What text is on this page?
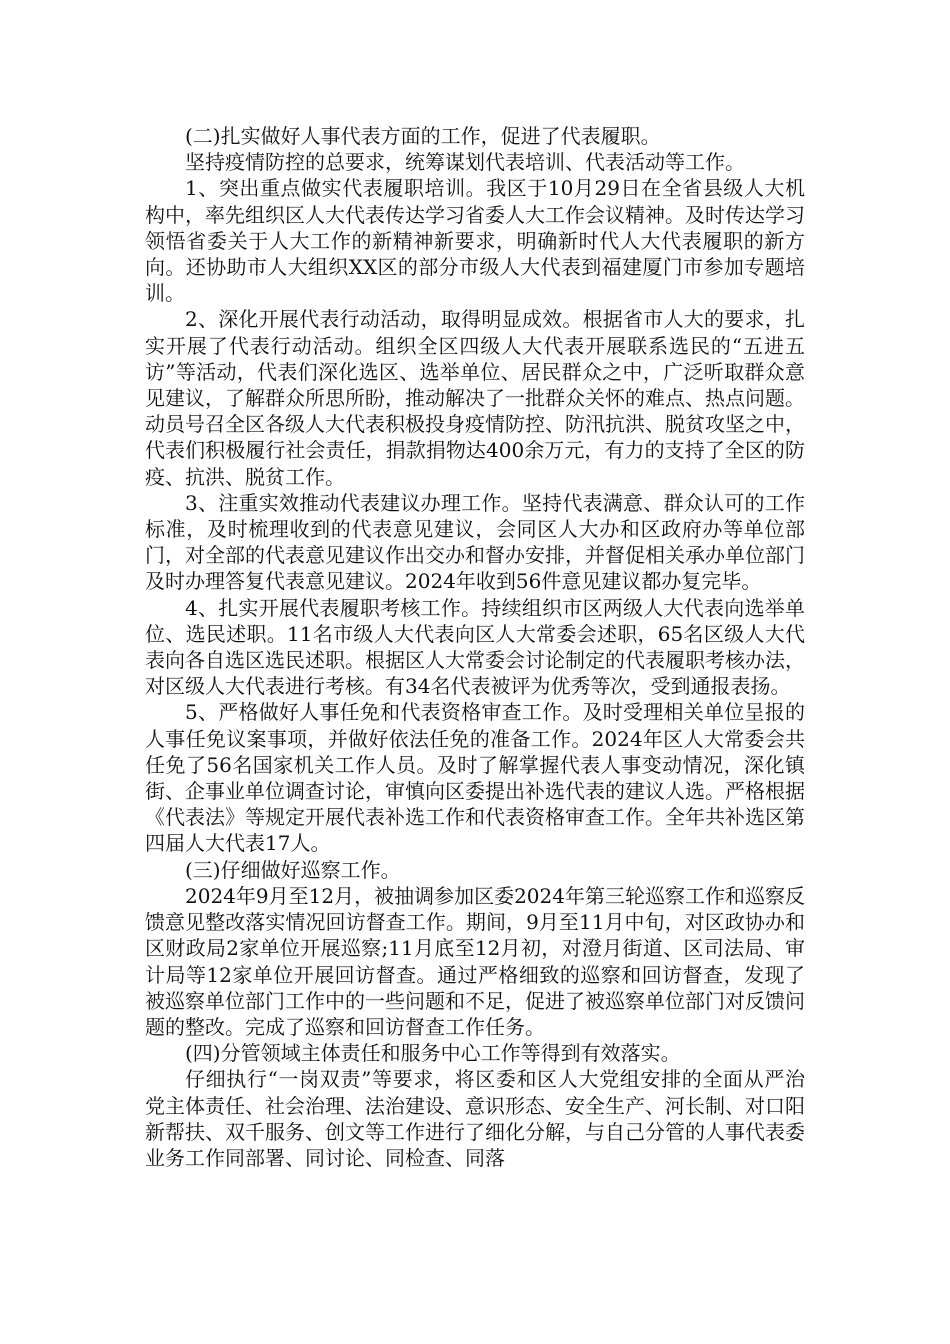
(二)扎实做好人事代表方面的工作，促进了代表履职。

坚持疫情防控的总要求，统筹谋划代表培训、代表活动等工作。

1、突出重点做实代表履职培训。我区于10月29日在全省县级人大机构中，率先组织区人大代表传达学习省委人大工作会议精神。及时传达学习领悟省委关于人大工作的新精神新要求，明确新时代人大代表履职的新方向。还协助市人大组织XX区的部分市级人大代表到福建厦门市参加专题培训。

2、深化开展代表行动活动，取得明显成效。根据省市人大的要求，扎实开展了代表行动活动。组织全区四级人大代表开展联系选民的“五进五访”等活动，代表们深化选区、选举单位、居民群众之中，广泛听取群众意见建议，了解群众所思所盼，推动解决了一批群众关怀的难点、热点问题。动员号召全区各级人大代表积极投身疫情防控、防汛抗洪、脱贫攻坚之中，代表们积极履行社会责任，捐款捐物达400余万元，有力的支持了全区的防疫、抗洪、脱贫工作。

3、注重实效推动代表建议办理工作。坚持代表满意、群众认可的工作标准，及时梳理收到的代表意见建议，会同区人大办和区政府办等单位部门，对全部的代表意见建议作出交办和督办安排，并督促相关承办单位部门及时办理答复代表意见建议。2024年收到56件意见建议都办复完毕。

4、扎实开展代表履职考核工作。持续组织市区两级人大代表向选举单位、选民述职。11名市级人大代表向区人大常委会述职，65名区级人大代表向各自选区选民述职。根据区人大常委会讨论制定的代表履职考核办法，对区级人大代表进行考核。有34名代表被评为优秀等次，受到通报表扬。

5、严格做好人事任免和代表资格审查工作。及时受理相关单位呈报的人事任免议案事项，并做好依法任免的准备工作。2024年区人大常委会共任免了56名国家机关工作人员。及时了解掌握代表人事变动情况，深化镇街、企事业单位调查讨论，审慎向区委提出补选代表的建议人选。严格根据《代表法》等规定开展代表补选工作和代表资格审查工作。全年共补选区第四届人大代表17人。

(三)仔细做好巡察工作。

2024年9月至12月，被抽调参加区委2024年第三轮巡察工作和巡察反馈意见整改落实情况回访督查工作。期间，9月至11月中旬，对区政协办和区财政局2家单位开展巡察;11月底至12月初，对澄月街道、区司法局、审计局等12家单位开展回访督查。通过严格细致的巡察和回访督查，发现了被巡察单位部门工作中的一些问题和不足，促进了被巡察单位部门对反馈问题的整改。完成了巡察和回访督查工作任务。

(四)分管领域主体责任和服务中心工作等得到有效落实。

仔细执行“一岗双责”等要求，将区委和区人大党组安排的全面从严治党主体责任、社会治理、法治建设、意识形态、安全生产、河长制、对口阳新帮扶、双千服务、创文等工作进行了细化分解，与自己分管的人事代表委业务工作同部署、同讨论、同检查、同落
